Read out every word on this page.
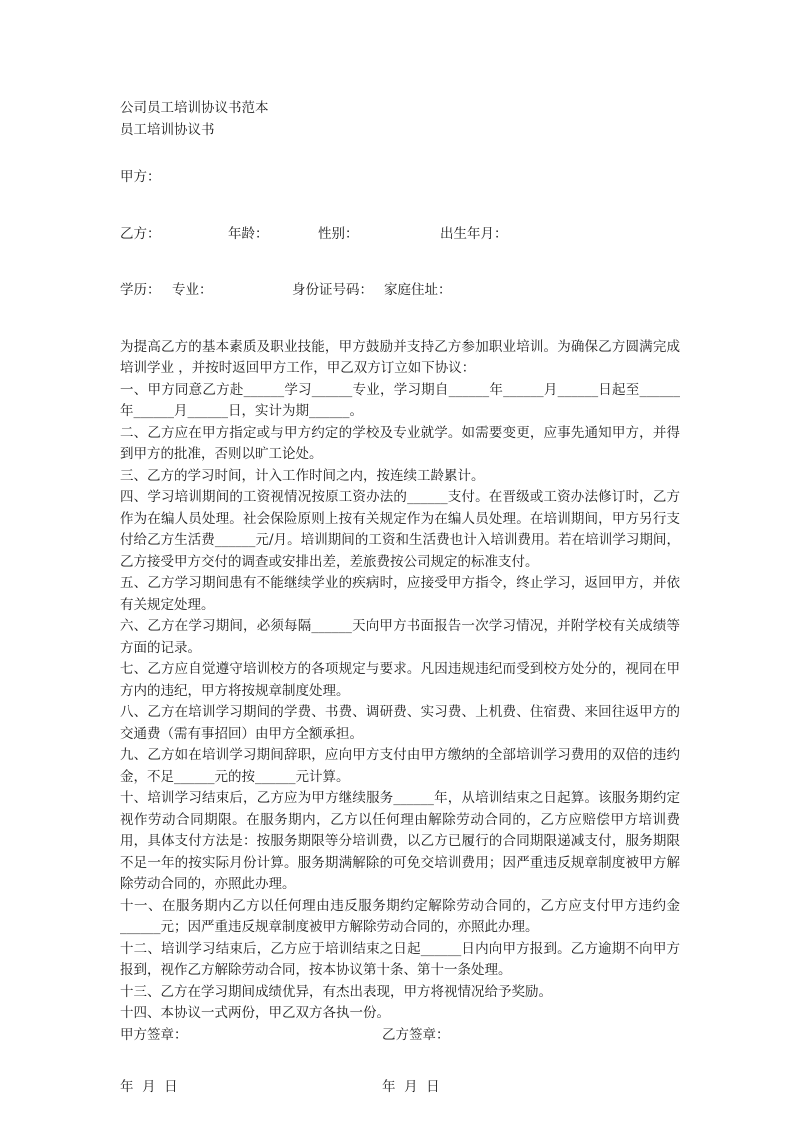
公司员工培训协议书范本
员工培训协议书
甲方：
乙方：	年龄：	性别：	出生年月：
学历： 专业：	身份证号码： 家庭住址：
为提高乙方的基本素质及职业技能，甲方鼓励并支持乙方参加职业培训。为确保乙方圆满完成培训学业 ，并按时返回甲方工作，甲乙双方订立如下协议：
一、甲方同意乙方赴______学习______专业，学习期自______年______月______日起至______年______月______日，实计为期______。
二、乙方应在甲方指定或与甲方约定的学校及专业就学。如需要变更，应事先通知甲方，并得到甲方的批准，否则以旷工论处。
三、乙方的学习时间，计入工作时间之内，按连续工龄累计。
四、学习培训期间的工资视情况按原工资办法的______支付。在晋级或工资办法修订时，乙方作为在编人员处理。社会保险原则上按有关规定作为在编人员处理。在培训期间，甲方另行支付给乙方生活费______元/月。培训期间的工资和生活费也计入培训费用。若在培训学习期间，乙方接受甲方交付的调查或安排出差，差旅费按公司规定的标准支付。
五、乙方学习期间患有不能继续学业的疾病时，应接受甲方指令，终止学习，返回甲方，并依有关规定处理。
六、乙方在学习期间，必须每隔______天向甲方书面报告一次学习情况，并附学校有关成绩等方面的记录。
七、乙方应自觉遵守培训校方的各项规定与要求。凡因违规违纪而受到校方处分的，视同在甲方内的违纪，甲方将按规章制度处理。
八、乙方在培训学习期间的学费、书费、调研费、实习费、上机费、住宿费、来回往返甲方的交通费（需有事招回）由甲方全额承担。
九、乙方如在培训学习期间辞职，应向甲方支付由甲方缴纳的全部培训学习费用的双倍的违约金，不足______元的按______元计算。
十、培训学习结束后，乙方应为甲方继续服务______年，从培训结束之日起算。该服务期约定视作劳动合同期限。在服务期内，乙方以任何理由解除劳动合同的，乙方应赔偿甲方培训费用，具体支付方法是：按服务期限等分培训费，以乙方已履行的合同期限递减支付，服务期限不足一年的按实际月份计算。服务期满解除的可免交培训费用；因严重违反规章制度被甲方解除劳动合同的，亦照此办理。
十一、在服务期内乙方以任何理由违反服务期约定解除劳动合同的，乙方应支付甲方违约金______元；因严重违反规章制度被甲方解除劳动合同的，亦照此办理。
十二、培训学习结束后，乙方应于培训结束之日起______日内向甲方报到。乙方逾期不向甲方报到，视作乙方解除劳动合同，按本协议第十条、第十一条处理。
十三、乙方在学习期间成绩优异，有杰出表现，甲方将视情况给予奖励。
十四、本协议一式两份，甲乙双方各执一份。
甲方签章：	乙方签章：
年  月  日	年  月  日
